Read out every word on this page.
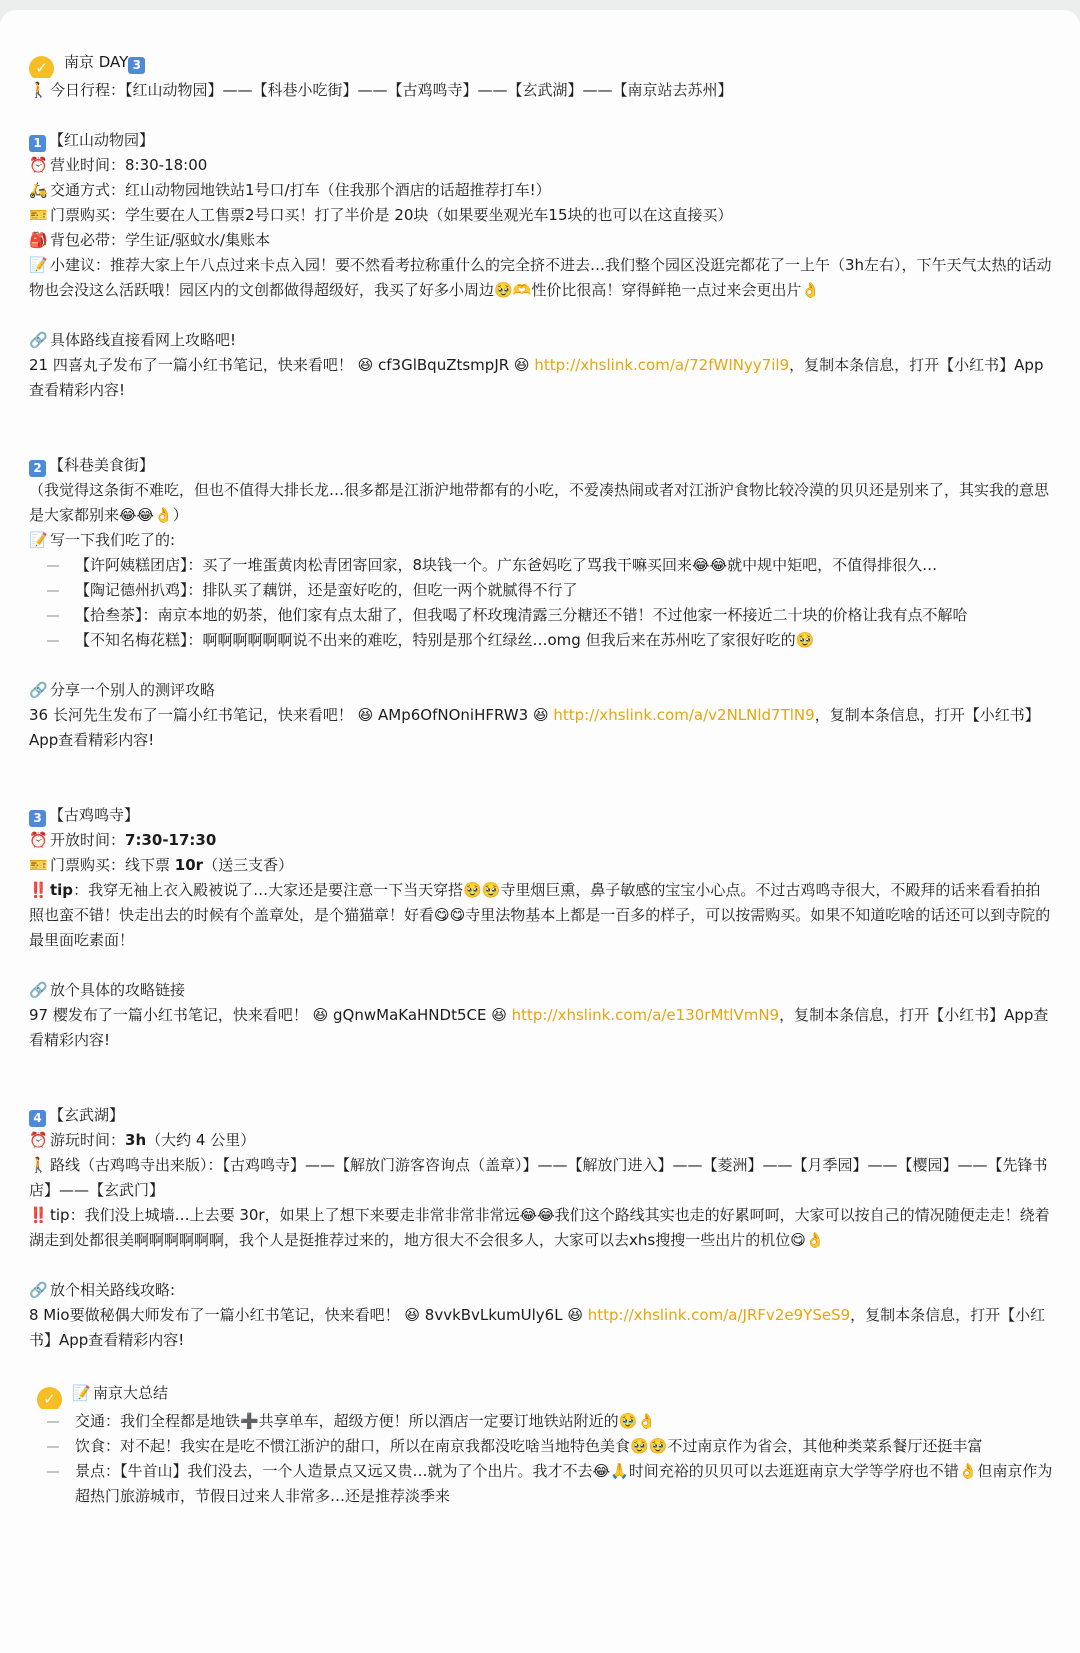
✓ 南京 DAY 3
🚶 今日行程：【红山动物园】——【科巷小吃街】——【古鸡鸣寺】——【玄武湖】——【南京站去苏州】
1 【红山动物园】
⏰ 营业时间：8:30-18:00
🛵 交通方式：红山动物园地铁站1号口/打车（住我那个酒店的话超推荐打车!）
🎫 门票购买：学生要在人工售票2号口买！打了半价是 20块（如果要坐观光车15块的也可以在这直接买）
🎒 背包必带：学生证/驱蚊水/集账本
📝 小建议：推荐大家上午八点过来卡点入园！要不然看考拉称重什么的完全挤不进去…我们整个园区没逛完都花了一上午（3h左右），下午天气太热的话动物也会没这么活跃哦！园区内的文创都做得超级好，我买了好多小周边🥹🫶性价比很高！穿得鲜艳一点过来会更出片👌
🔗 具体路线直接看网上攻略吧!
21 四喜丸子发布了一篇小红书笔记，快来看吧！ 😆 cf3GlBquZtsmpJR 😆 http://xhslink.com/a/72fWINyy7il9，复制本条信息，打开【小红书】App查看精彩内容!
2 【科巷美食街】
（我觉得这条街不难吃，但也不值得大排长龙…很多都是江浙沪地带都有的小吃，不爱凑热闹或者对江浙沪食物比较冷漠的贝贝还是别来了，其实我的意思是大家都别来😂😂👌）
📝 写一下我们吃了的:
【许阿姨糕团店】：买了一堆蛋黄肉松青团寄回家，8块钱一个。广东爸妈吃了骂我干嘛买回来😂😂就中规中矩吧，不值得排很久…
【陶记德州扒鸡】：排队买了藕饼，还是蛮好吃的，但吃一两个就腻得不行了
【拾叁茶】：南京本地的奶茶，他们家有点太甜了，但我喝了杯玫瑰清露三分糖还不错！不过他家一杯接近二十块的价格让我有点不解哈
【不知名梅花糕】：啊啊啊啊啊啊说不出来的难吃，特别是那个红绿丝…omg 但我后来在苏州吃了家很好吃的🥹
🔗 分享一个别人的测评攻略
36 长河先生发布了一篇小红书笔记，快来看吧！ 😆 AMp6OfNOniHFRW3 😆 http://xhslink.com/a/v2NLNld7TlN9，复制本条信息，打开【小红书】App查看精彩内容!
3 【古鸡鸣寺】
⏰ 开放时间：7:30-17:30
🎫 门票购买：线下票 10r（送三支香）
‼️ tip：我穿无袖上衣入殿被说了…大家还是要注意一下当天穿搭🥹🥹寺里烟巨熏，鼻子敏感的宝宝小心点。不过古鸡鸣寺很大，不殿拜的话来看看拍拍照也蛮不错！快走出去的时候有个盖章处，是个猫猫章！好看😋😋寺里法物基本上都是一百多的样子，可以按需购买。如果不知道吃啥的话还可以到寺院的最里面吃素面！
🔗 放个具体的攻略链接
97 樱发布了一篇小红书笔记，快来看吧！ 😆 gQnwMaKaHNDt5CE 😆 http://xhslink.com/a/e130rMtlVmN9，复制本条信息，打开【小红书】App查看精彩内容!
4 【玄武湖】
⏰ 游玩时间：3h（大约 4 公里）
🚶 路线（古鸡鸣寺出来版）：【古鸡鸣寺】——【解放门游客咨询点（盖章）】——【解放门进入】——【菱洲】——【月季园】——【樱园】——【先锋书店】——【玄武门】
‼️ tip：我们没上城墙…上去要 30r，如果上了想下来要走非常非常非常远😂😂我们这个路线其实也走的好累呵呵，大家可以按自己的情况随便走走！绕着湖走到处都很美啊啊啊啊啊啊，我个人是挺推荐过来的，地方很大不会很多人，大家可以去xhs搜搜一些出片的机位😋👌
🔗 放个相关路线攻略:
8 Mio要做秘偶大师发布了一篇小红书笔记，快来看吧！ 😆 8vvkBvLkumUly6L 😆 http://xhslink.com/a/JRFv2e9YSeS9，复制本条信息，打开【小红书】App查看精彩内容!
✓ 📝 南京大总结
交通：我们全程都是地铁➕共享单车，超级方便！所以酒店一定要订地铁站附近的🥹👌
饮食：对不起！我实在是吃不惯江浙沪的甜口，所以在南京我都没吃啥当地特色美食🥹🥹不过南京作为省会，其他种类菜系餐厅还挺丰富
景点：【牛首山】我们没去，一个人造景点又远又贵…就为了个出片。我才不去😂🙏时间充裕的贝贝可以去逛逛南京大学等学府也不错👌但南京作为超热门旅游城市，节假日过来人非常多…还是推荐淡季来
